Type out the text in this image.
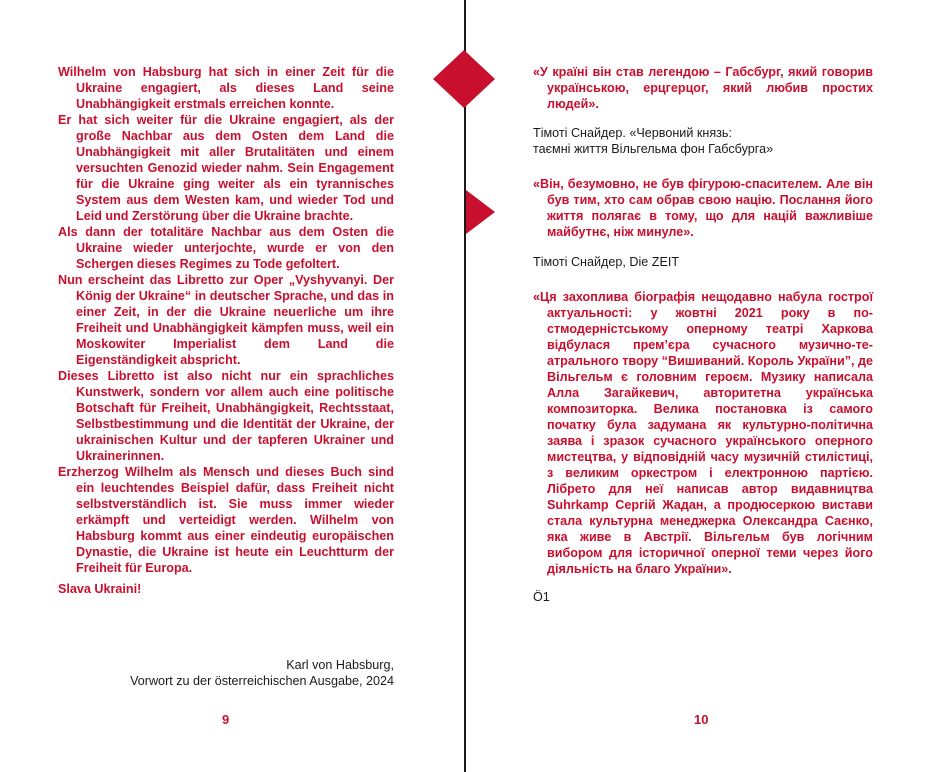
Wilhelm von Habsburg hat sich in einer Zeit für die Ukraine engagiert, als dieses Land seine Unabhängigkeit erstmals erreichen konnte.

Er hat sich weiter für die Ukraine engagiert, als der große Nachbar aus dem Osten dem Land die Unabhängigkeit mit aller Brutalitäten und einem versuchten Genozid wieder nahm. Sein Engagement für die Ukraine ging weiter als ein tyrannisches System aus dem Westen kam, und wieder Tod und Leid und Zerstörung über die Ukraine brachte.

Als dann der totalitäre Nachbar aus dem Osten die Ukraine wieder unterjochte, wurde er von den Schergen dieses Regimes zu Tode gefoltert.

Nun erscheint das Libretto zur Oper „Vyshyvanyi. Der König der Ukraine“ in deutscher Sprache, und das in einer Zeit, in der die Ukraine neuerliche um ihre Freiheit und Unabhängigkeit kämpfen muss, weil ein Moskowiter Imperialist dem Land die Eigenständigkeit abspricht.

Dieses Libretto ist also nicht nur ein sprachliches Kunstwerk, sondern vor allem auch eine politische Botschaft für Freiheit, Unabhängigkeit, Rechtsstaat, Selbstbestimmung und die Identität der Ukraine, der ukrainischen Kultur und der tapferen Ukrainer und Ukrainerinnen.

Erzherzog Wilhelm als Mensch und dieses Buch sind ein leuchtendes Beispiel dafür, dass Freiheit nicht selbstverständlich ist. Sie muss immer wieder erkämpft und verteidigt werden. Wilhelm von Habsburg kommt aus einer eindeutig europäischen Dynastie, die Ukraine ist heute ein Leuchtturm der Freiheit für Europa.

Slava Ukraini!

Karl von Habsburg,
Vorwort zu der österreichischen Ausgabe, 2024
9

«У країні він став легендою – Габсбург, який говорив українською, ерцгерцог, який любив простих людей».

Тімоті Снайдер. «Червоний князь:

таємні життя Вільгельма фон Габсбурга»

«Він, безумовно, не був фігурою-спасителем. Але він був тим, хто сам обрав свою націю. Послання його життя полягає в тому, що для націй важливіше майбутнє, ніж минуле».

Тімоті Снайдер, Die ZEIT

«Ця захоплива біографія нещодавно набула гострої актуальності: у жовтні 2021 року в постмодерністському оперному театрі Харкова відбулася прем’єра сучасного музично-театрального твору “Вишиваний. Король України”, де Вільгельм є головним героєм. Музику написала Алла Загайкевич, авторитетна українська композиторка. Велика постановка із самого початку була задумана як культурно-політична заява і зразок сучасного українського оперного мистецтва, у відповідній часу музичній стилістиці, з великим оркестром і електронною партією. Лібрето для неї написав автор видавництва Suhrkamp Сергій Жадан, а продюсеркою вистави стала культурна менеджерка Олександра Саєнко, яка живе в Австрії. Вільгельм був логічним вибором для історичної оперної теми через його діяльність на благо України».

Ö1

10
